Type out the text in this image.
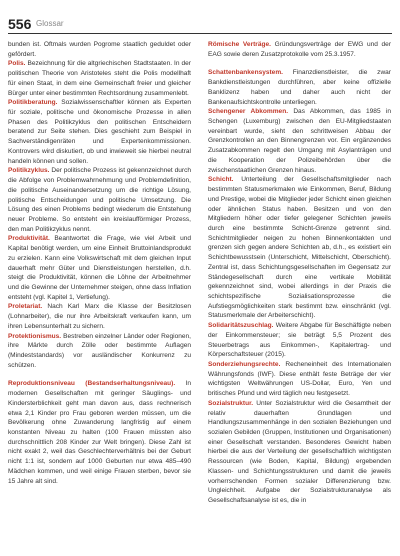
556 Glossar

bunden ist. Oftmals wurden Pogrome staatlich geduldet oder gefördert.

Polis. Bezeichnung für die altgriechischen Stadtstaaten. In der politischen Theorie von Aristoteles steht die Polis modellhaft für einen Staat, in dem eine Gemeinschaft freier und gleicher Bürger unter einer bestimmten Rechtsordnung zusammenlebt.

Politikberatung. Sozialwissenschaftler können als Experten für soziale, politische und ökonomische Prozesse in allen Phasen des Politikzyklus den politischen Entscheidern beratend zur Seite stehen. Dies geschieht zum Beispiel in Sachverständigenräten und Expertenkommissionen. Kontrovers wird diskutiert, ob und inwieweit sie hierbei neutral handeln können und sollen.

Politikzyklus. Der politische Prozess ist gekennzeichnet durch die Abfolge von Problemwahrnehmung und Problemdefinition, die politische Auseinandersetzung um die richtige Lösung, politische Entscheidungen und politische Umsetzung. Die Lösung des einen Problems bedingt wiederum die Entstehung neuer Probleme. So entsteht ein kreislaufförmiger Prozess, den man Politikzyklus nennt.

Produktivität. Beantwortet die Frage, wie viel Arbeit und Kapital benötigt werden, um eine Einheit Bruttoinlandsprodukt zu erzielen. Kann eine Volkswirtschaft mit dem gleichen Input dauerhaft mehr Güter und Dienstleistungen herstellen, d.h. steigt die Produktivität, können die Löhne der Arbeitnehmer und die Gewinne der Unternehmer steigen, ohne dass Inflation entsteht (vgl. Kapitel 1, Vertiefung).

Proletariat. Nach Karl Marx die Klasse der Besitzlosen (Lohnarbeiter), die nur ihre Arbeitskraft verkaufen kann, um ihren Lebensunterhalt zu sichern.

Protektionismus. Bestreben einzelner Länder oder Regionen, ihre Märkte durch Zölle oder bestimmte Auflagen (Mindeststandards) vor ausländischer Konkurrenz zu schützen.

Reproduktionsniveau (Bestandserhaltungsniveau). In modernen Gesellschaften mit geringer Säuglings- und Kindersterblichkeit geht man davon aus, dass rechnerisch etwa 2,1 Kinder pro Frau geboren werden müssen, um die Bevölkerung ohne Zuwanderung langfristig auf einem konstanten Niveau zu halten (100 Frauen müssten also durchschnittlich 208 Kinder zur Welt bringen). Diese Zahl ist nicht exakt 2, weil das Geschlechterverhältnis bei der Geburt nicht 1:1 ist, sondern auf 1000 Geburten nur etwa 485–490 Mädchen kommen, und weil einige Frauen sterben, bevor sie 15 Jahre alt sind.

Römische Verträge. Gründungsverträge der EWG und der EAG sowie deren Zusatzprotokolle vom 25.3.1957.

Schattenbankensystem. Finanzdienstleister, die zwar Bankdienstleistungen durchführen, aber keine offizielle Banklizenz haben und daher auch nicht der Bankenaufsichtskontrolle unterliegen.

Schengener Abkommen. Das Abkommen, das 1985 in Schengen (Luxemburg) zwischen den EU-Mitgliedstaaten vereinbart wurde, sieht den schrittweisen Abbau der Grenzkontrollen an den Binnengrenzen vor. Ein ergänzendes Zusatzabkommen regelt den Umgang mit Asylanträgen und die Kooperation der Polizeibehörden über die zwischenstaatlichen Grenzen hinaus.

Schicht. Unterteilung der Gesellschaftsmitglieder nach bestimmten Statusmerkmalen wie Einkommen, Beruf, Bildung und Prestige, wobei die Mitglieder jeder Schicht einen gleichen oder ähnlichen Status haben. Besitzen und von den Mitgliedern höher oder tiefer gelegener Schichten jeweils durch eine bestimmte Schicht-Grenze getrennt sind. Schichtmitglieder neigen zu hohen Binnenkontakten und grenzen sich gegen andere Schichten ab, d.h., es existiert ein Schichtbewusstsein (Unterschicht, Mittelschicht, Oberschicht). Zentral ist, dass Schichtungsgesellschaften im Gegensatz zur Ständegesellschaft durch eine vertikale Mobilität gekennzeichnet sind, wobei allerdings in der Praxis die schichtspezifische Sozialisationsprozesse die Aufstiegsmöglichkeiten stark bestimmt bzw. einschränkt (vgl. Statusmerkmale der Arbeiterschicht).

Solidaritätszuschlag. Weitere Abgabe für Beschäftigte neben der Einkommensteuer; sie beträgt 5,5 Prozent des Steuerbetrags aus Einkommen-, Kapitalertrag- und Körperschaftsteuer (2015).

Sonderziehungsrechte. Recheneinheit des Internationalen Währungsfonds (IWF). Diese enthält feste Beträge der vier wichtigsten Weltwährungen US-Dollar, Euro, Yen und britisches Pfund und wird täglich neu festgesetzt.

Sozialstruktur. Unter Sozialstruktur wird die Gesamtheit der relativ dauerhaften Grundlagen und Handlungszusammenhänge in den sozialen Beziehungen und sozialen Gebilden (Gruppen, Institutionen und Organisationen) einer Gesellschaft verstanden. Besonderes Gewicht haben hierbei die aus der Verteilung der gesellschaftlich wichtigsten Ressourcen (wie Boden, Kapital, Bildung) ergebenden Klassen- und Schichtungsstrukturen und damit die jeweils vorherrschenden Formen sozialer Differenzierung bzw. Ungleichheit. Aufgabe der Sozialstrukturanalyse als Gesellschaftsanalyse ist es, die in
